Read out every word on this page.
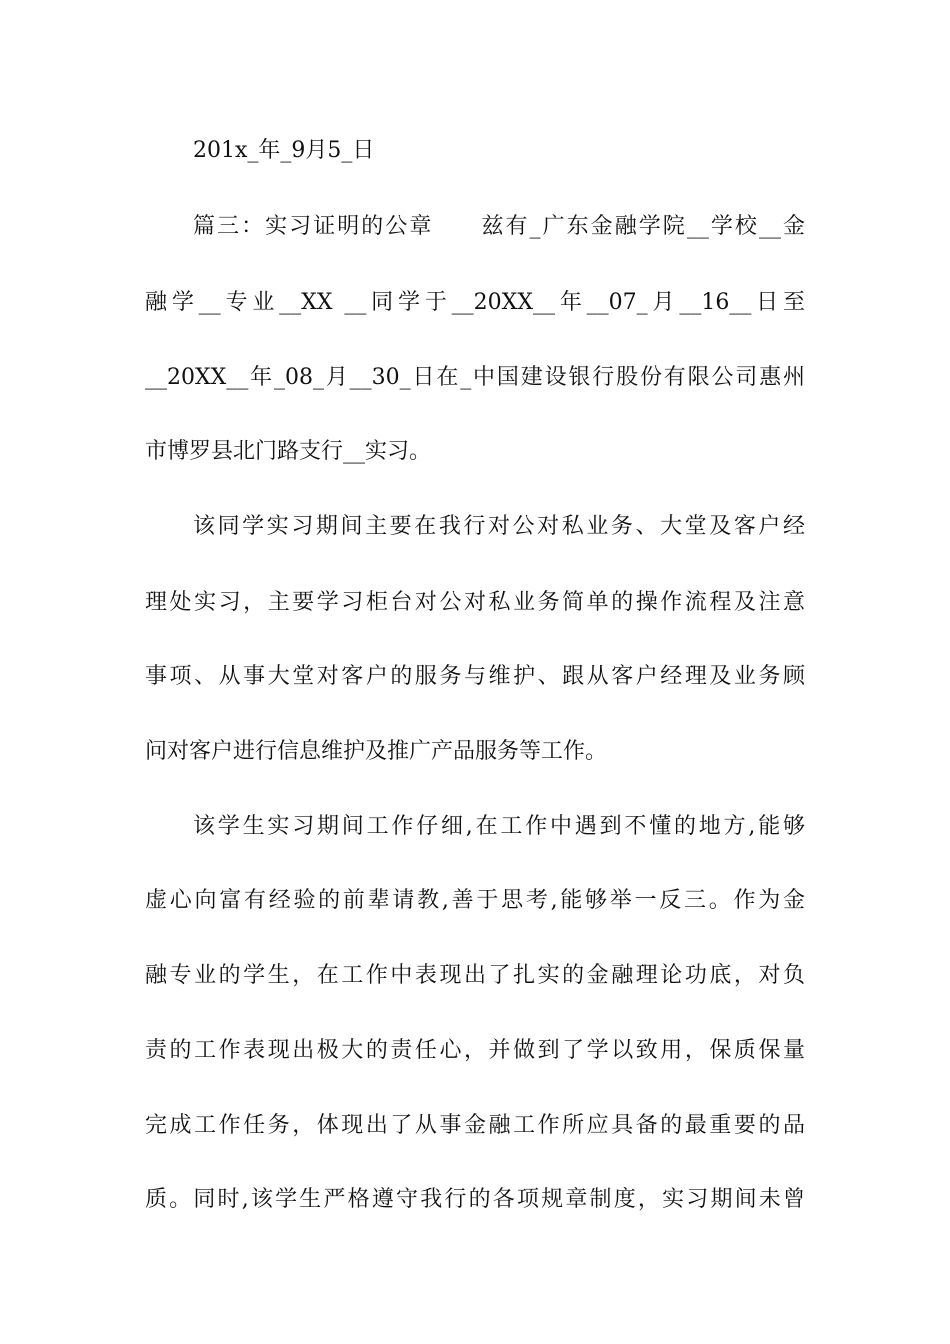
201x_年_9月5_日
篇三：实习证明的公章　　兹有_广东金融学院__学校__金
融学__专业__XX __同学于__20XX__年__07_月__16__日至
__20XX__年_08_月__30_日在_中国建设银行股份有限公司惠州
市博罗县北门路支行__实习。
该同学实习期间主要在我行对公对私业务、大堂及客户经
理处实习，主要学习柜台对公对私业务简单的操作流程及注意
事项、从事大堂对客户的服务与维护、跟从客户经理及业务顾
问对客户进行信息维护及推广产品服务等工作。
该学生实习期间工作仔细,在工作中遇到不懂的地方,能够
虚心向富有经验的前辈请教,善于思考,能够举一反三。作为金
融专业的学生，在工作中表现出了扎实的金融理论功底，对负
责的工作表现出极大的责任心，并做到了学以致用，保质保量
完成工作任务，体现出了从事金融工作所应具备的最重要的品
质。同时,该学生严格遵守我行的各项规章制度，实习期间未曾
